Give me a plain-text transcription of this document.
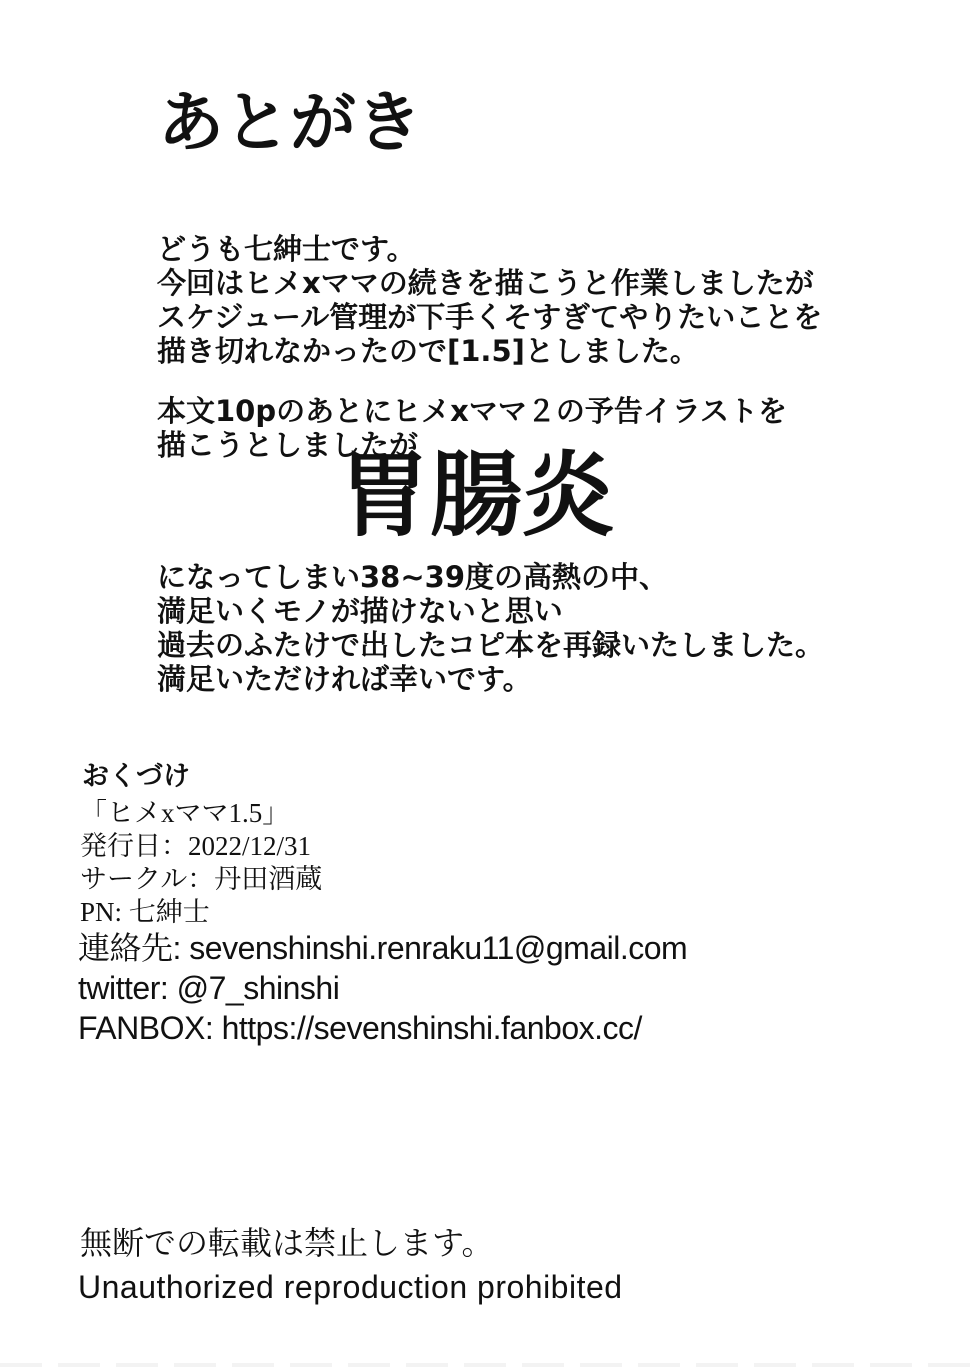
あとがき
どうも七紳士です。
今回はヒメxママの続きを描こうと作業しましたが
スケジュール管理が下手くそすぎてやりたいことを
描き切れなかったので[1.5]としました。
本文10pのあとにヒメxママ２の予告イラストを
描こうとしましたが
胃腸炎
になってしまい38~39度の高熱の中、
満足いくモノが描けないと思い
過去のふたけで出したコピ本を再録いたしました。
満足いただければ幸いです。
おくづけ
「ヒメxママ1.5」
発行日：2022/12/31
サークル：丹田酒蔵
PN: 七紳士
連絡先: sevenshinshi.renraku11@gmail.com
twitter: @7_shinshi
FANBOX: https://sevenshinshi.fanbox.cc/
無断での転載は禁止します。
Unauthorized reproduction prohibited
